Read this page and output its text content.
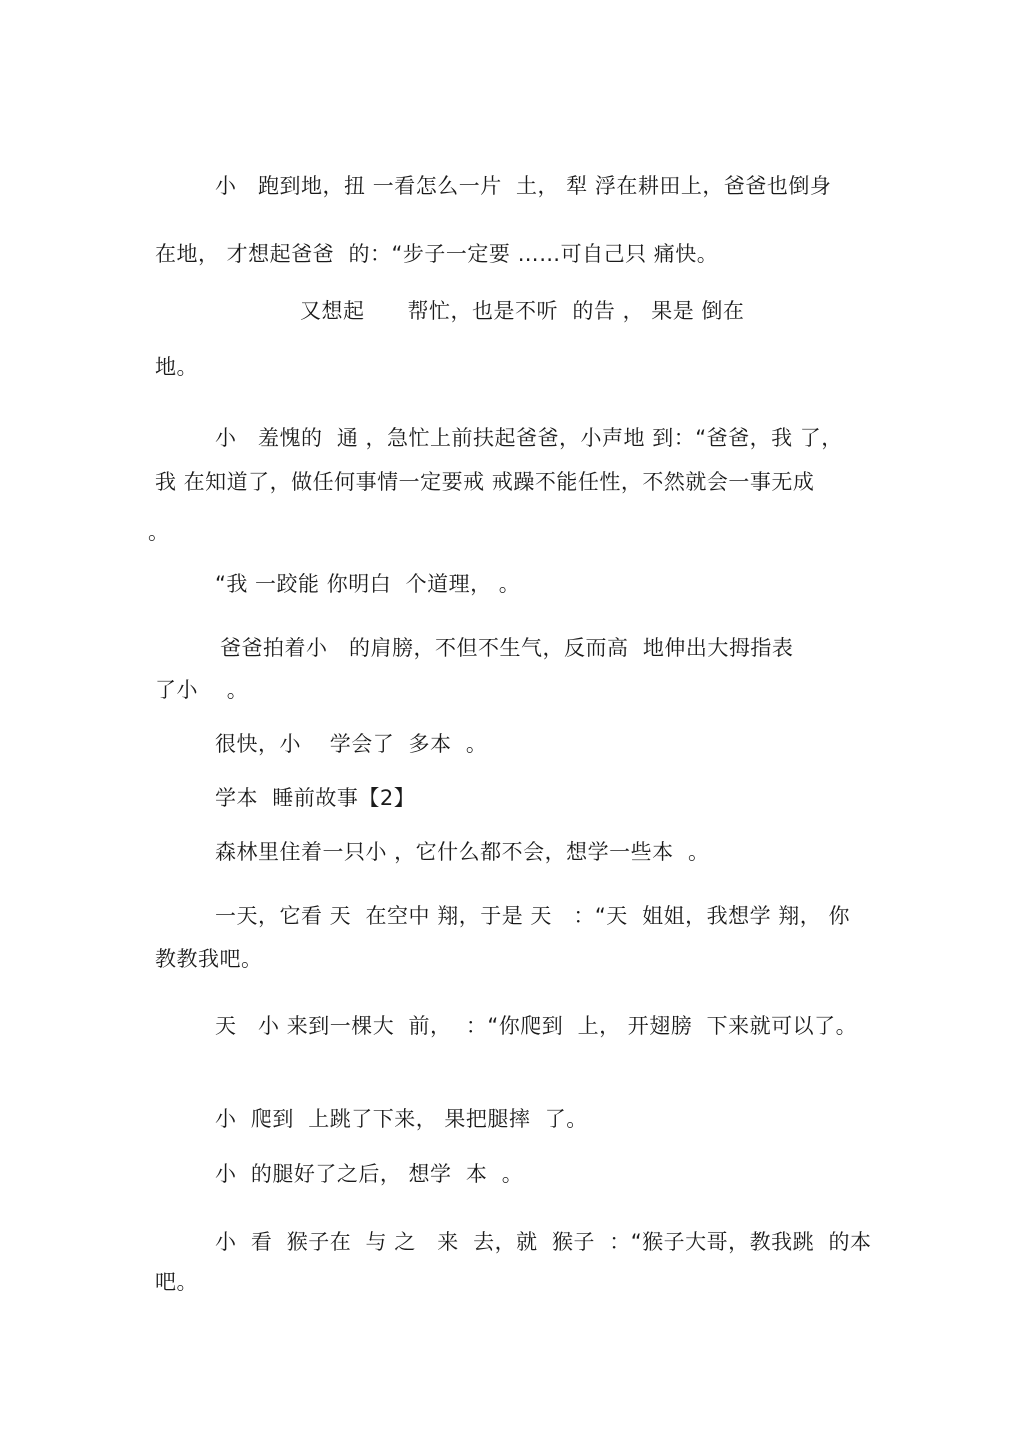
小   跑到地，扭 一看怎么一片  土， 犁 浮在耕田上，爸爸也倒身
在地， 才想起爸爸  的：“步子一定要 ……可自己只 痛快。
又想起      帮忙，也是不听  的告 ， 果是 倒在
地。
小   羞愧的  通 ，急忙上前扶起爸爸，小声地 到：“爸爸，我 了，
我 在知道了，做任何事情一定要戒 戒躁不能任性，不然就会一事无成
。
“我 一跤能 你明白  个道理， 。
爸爸拍着小   的肩膀，不但不生气，反而高  地伸出大拇指表
了小    。
很快，小    学会了  多本  。
学本  睡前故事【2】
森林里住着一只小 ，它什么都不会，想学一些本  。
一天，它看 天  在空中 翔，于是 天   ：“天  姐姐，我想学 翔， 你
教教我吧。
天   小 来到一棵大  前，  ：“你爬到  上， 开翅膀  下来就可以了。
小  爬到  上跳了下来， 果把腿摔  了。
小  的腿好了之后， 想学  本  。
小  看  猴子在  与 之   来  去，就  猴子  ：“猴子大哥，教我跳  的本
吧。
